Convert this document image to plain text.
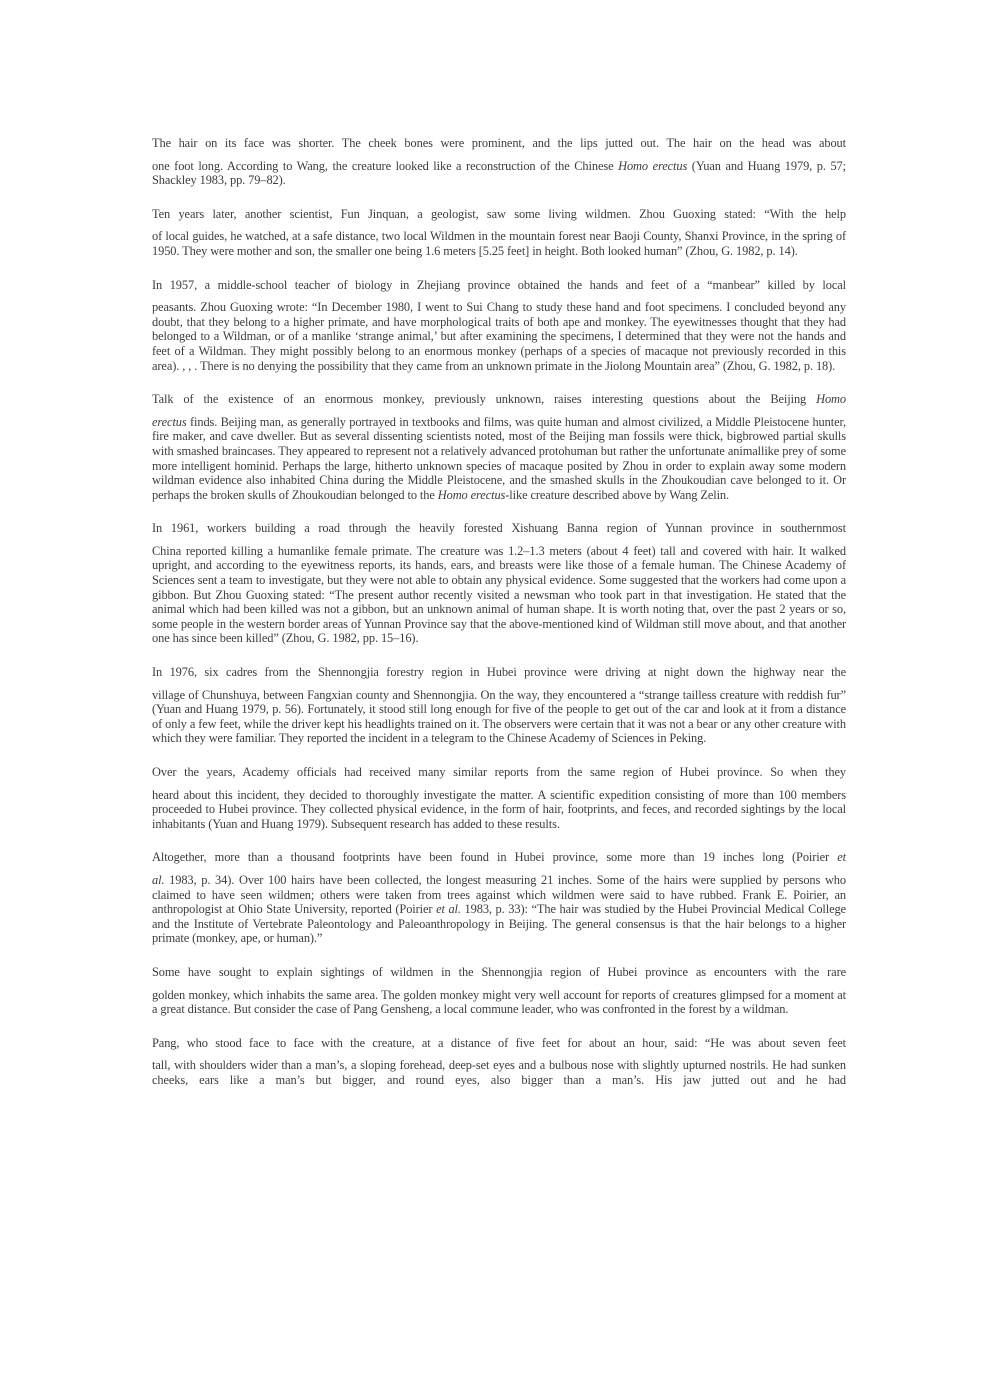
The hair on its face was shorter. The cheek bones were prominent, and the lips jutted out. The hair on the head was about
one foot long. According to Wang, the creature looked like a reconstruction of the Chinese Homo erectus (Yuan and Huang 1979, p. 57; Shackley 1983, pp. 79–82).
Ten years later, another scientist, Fun Jinquan, a geologist, saw some living wildmen. Zhou Guoxing stated: “With the help
of local guides, he watched, at a safe distance, two local Wildmen in the mountain forest near Baoji County, Shanxi Province, in the spring of 1950. They were mother and son, the smaller one being 1.6 meters [5.25 feet] in height. Both looked human” (Zhou, G. 1982, p. 14).
In 1957, a middle-school teacher of biology in Zhejiang province obtained the hands and feet of a “manbear” killed by local
peasants. Zhou Guoxing wrote: “In December 1980, I went to Sui Chang to study these hand and foot specimens. I concluded beyond any doubt, that they belong to a higher primate, and have morphological traits of both ape and monkey. The eyewitnesses thought that they had belonged to a Wildman, or of a manlike ‘strange animal,’ but after examining the specimens, I determined that they were not the hands and feet of a Wildman. They might possibly belong to an enormous monkey (perhaps of a species of macaque not previously recorded in this area). , , . There is no denying the possibility that they came from an unknown primate in the Jiolong Mountain area” (Zhou, G. 1982, p. 18).
Talk of the existence of an enormous monkey, previously unknown, raises interesting questions about the Beijing Homo
erectus finds. Beijing man, as generally portrayed in textbooks and films, was quite human and almost civilized, a Middle Pleistocene hunter, fire maker, and cave dweller. But as several dissenting scientists noted, most of the Beijing man fossils were thick, bigbrowed partial skulls with smashed braincases. They appeared to represent not a relatively advanced protohuman but rather the unfortunate animallike prey of some more intelligent hominid. Perhaps the large, hitherto unknown species of macaque posited by Zhou in order to explain away some modern wildman evidence also inhabited China during the Middle Pleistocene, and the smashed skulls in the Zhoukoudian cave belonged to it. Or perhaps the broken skulls of Zhoukoudian belonged to the Homo erectus-like creature described above by Wang Zelin.
In 1961, workers building a road through the heavily forested Xishuang Banna region of Yunnan province in southernmost
China reported killing a humanlike female primate. The creature was 1.2–1.3 meters (about 4 feet) tall and covered with hair. It walked upright, and according to the eyewitness reports, its hands, ears, and breasts were like those of a female human. The Chinese Academy of Sciences sent a team to investigate, but they were not able to obtain any physical evidence. Some suggested that the workers had come upon a gibbon. But Zhou Guoxing stated: “The present author recently visited a newsman who took part in that investigation. He stated that the animal which had been killed was not a gibbon, but an unknown animal of human shape. It is worth noting that, over the past 2 years or so, some people in the western border areas of Yunnan Province say that the above-mentioned kind of Wildman still move about, and that another one has since been killed” (Zhou, G. 1982, pp. 15–16).
In 1976, six cadres from the Shennongjia forestry region in Hubei province were driving at night down the highway near the
village of Chunshuya, between Fangxian county and Shennongjia. On the way, they encountered a “strange tailless creature with reddish fur” (Yuan and Huang 1979, p. 56). Fortunately, it stood still long enough for five of the people to get out of the car and look at it from a distance of only a few feet, while the driver kept his headlights trained on it. The observers were certain that it was not a bear or any other creature with which they were familiar. They reported the incident in a telegram to the Chinese Academy of Sciences in Peking.
Over the years, Academy officials had received many similar reports from the same region of Hubei province. So when they
heard about this incident, they decided to thoroughly investigate the matter. A scientific expedition consisting of more than 100 members proceeded to Hubei province. They collected physical evidence, in the form of hair, footprints, and feces, and recorded sightings by the local inhabitants (Yuan and Huang 1979). Subsequent research has added to these results.
Altogether, more than a thousand footprints have been found in Hubei province, some more than 19 inches long (Poirier et
al. 1983, p. 34). Over 100 hairs have been collected, the longest measuring 21 inches. Some of the hairs were supplied by persons who claimed to have seen wildmen; others were taken from trees against which wildmen were said to have rubbed. Frank E. Poirier, an anthropologist at Ohio State University, reported (Poirier et al. 1983, p. 33): “The hair was studied by the Hubei Provincial Medical College and the Institute of Vertebrate Paleontology and Paleoanthropology in Beijing. The general consensus is that the hair belongs to a higher primate (monkey, ape, or human).”
Some have sought to explain sightings of wildmen in the Shennongjia region of Hubei province as encounters with the rare
golden monkey, which inhabits the same area. The golden monkey might very well account for reports of creatures glimpsed for a moment at a great distance. But consider the case of Pang Gensheng, a local commune leader, who was confronted in the forest by a wildman.
Pang, who stood face to face with the creature, at a distance of five feet for about an hour, said: “He was about seven feet
tall, with shoulders wider than a man’s, a sloping forehead, deep-set eyes and a bulbous nose with slightly upturned nostrils. He had sunken cheeks, ears like a man’s but bigger, and round eyes, also bigger than a man’s. His jaw jutted out and he had
